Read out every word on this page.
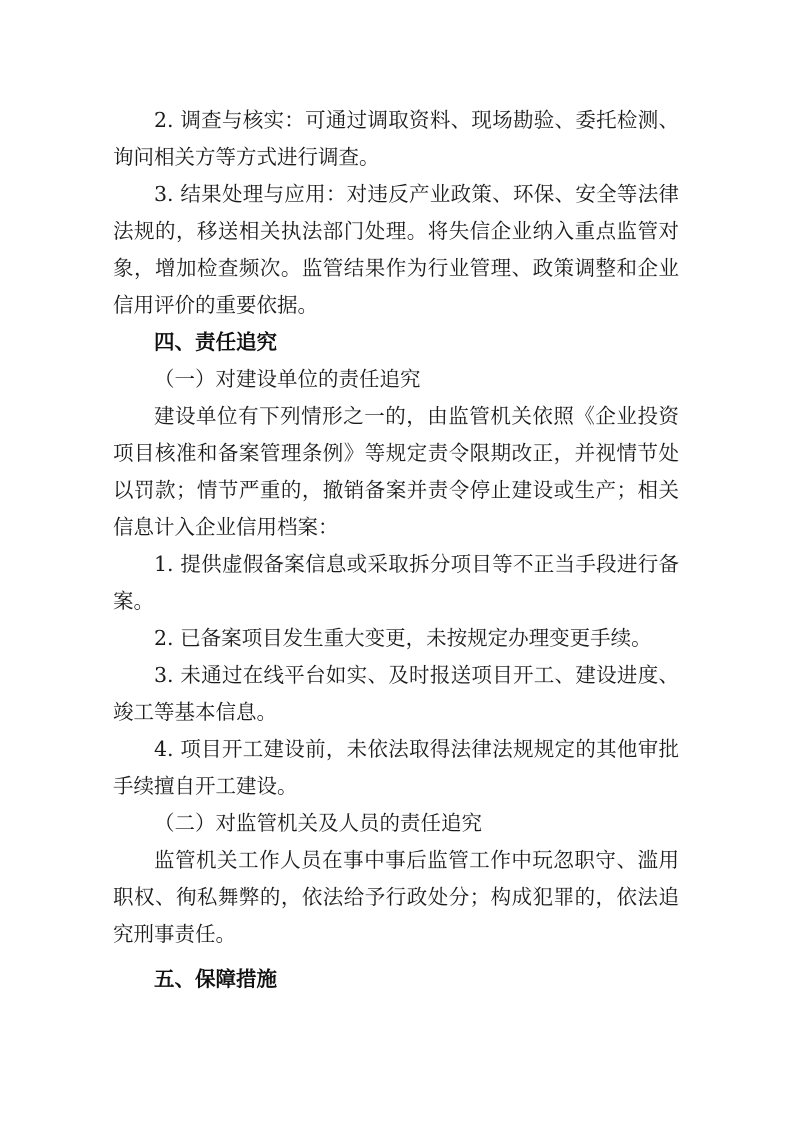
2. 调查与核实：可通过调取资料、现场勘验、委托检测、询问相关方等方式进行调查。

3. 结果处理与应用：对违反产业政策、环保、安全等法律法规的，移送相关执法部门处理。将失信企业纳入重点监管对象，增加检查频次。监管结果作为行业管理、政策调整和企业信用评价的重要依据。

四、责任追究

（一）对建设单位的责任追究

建设单位有下列情形之一的，由监管机关依照《企业投资项目核准和备案管理条例》等规定责令限期改正，并视情节处以罚款；情节严重的，撤销备案并责令停止建设或生产；相关信息计入企业信用档案：

1. 提供虚假备案信息或采取拆分项目等不正当手段进行备案。

2. 已备案项目发生重大变更，未按规定办理变更手续。

3. 未通过在线平台如实、及时报送项目开工、建设进度、竣工等基本信息。

4. 项目开工建设前，未依法取得法律法规规定的其他审批手续擅自开工建设。

（二）对监管机关及人员的责任追究

监管机关工作人员在事中事后监管工作中玩忽职守、滥用职权、徇私舞弊的，依法给予行政处分；构成犯罪的，依法追究刑事责任。

五、保障措施
